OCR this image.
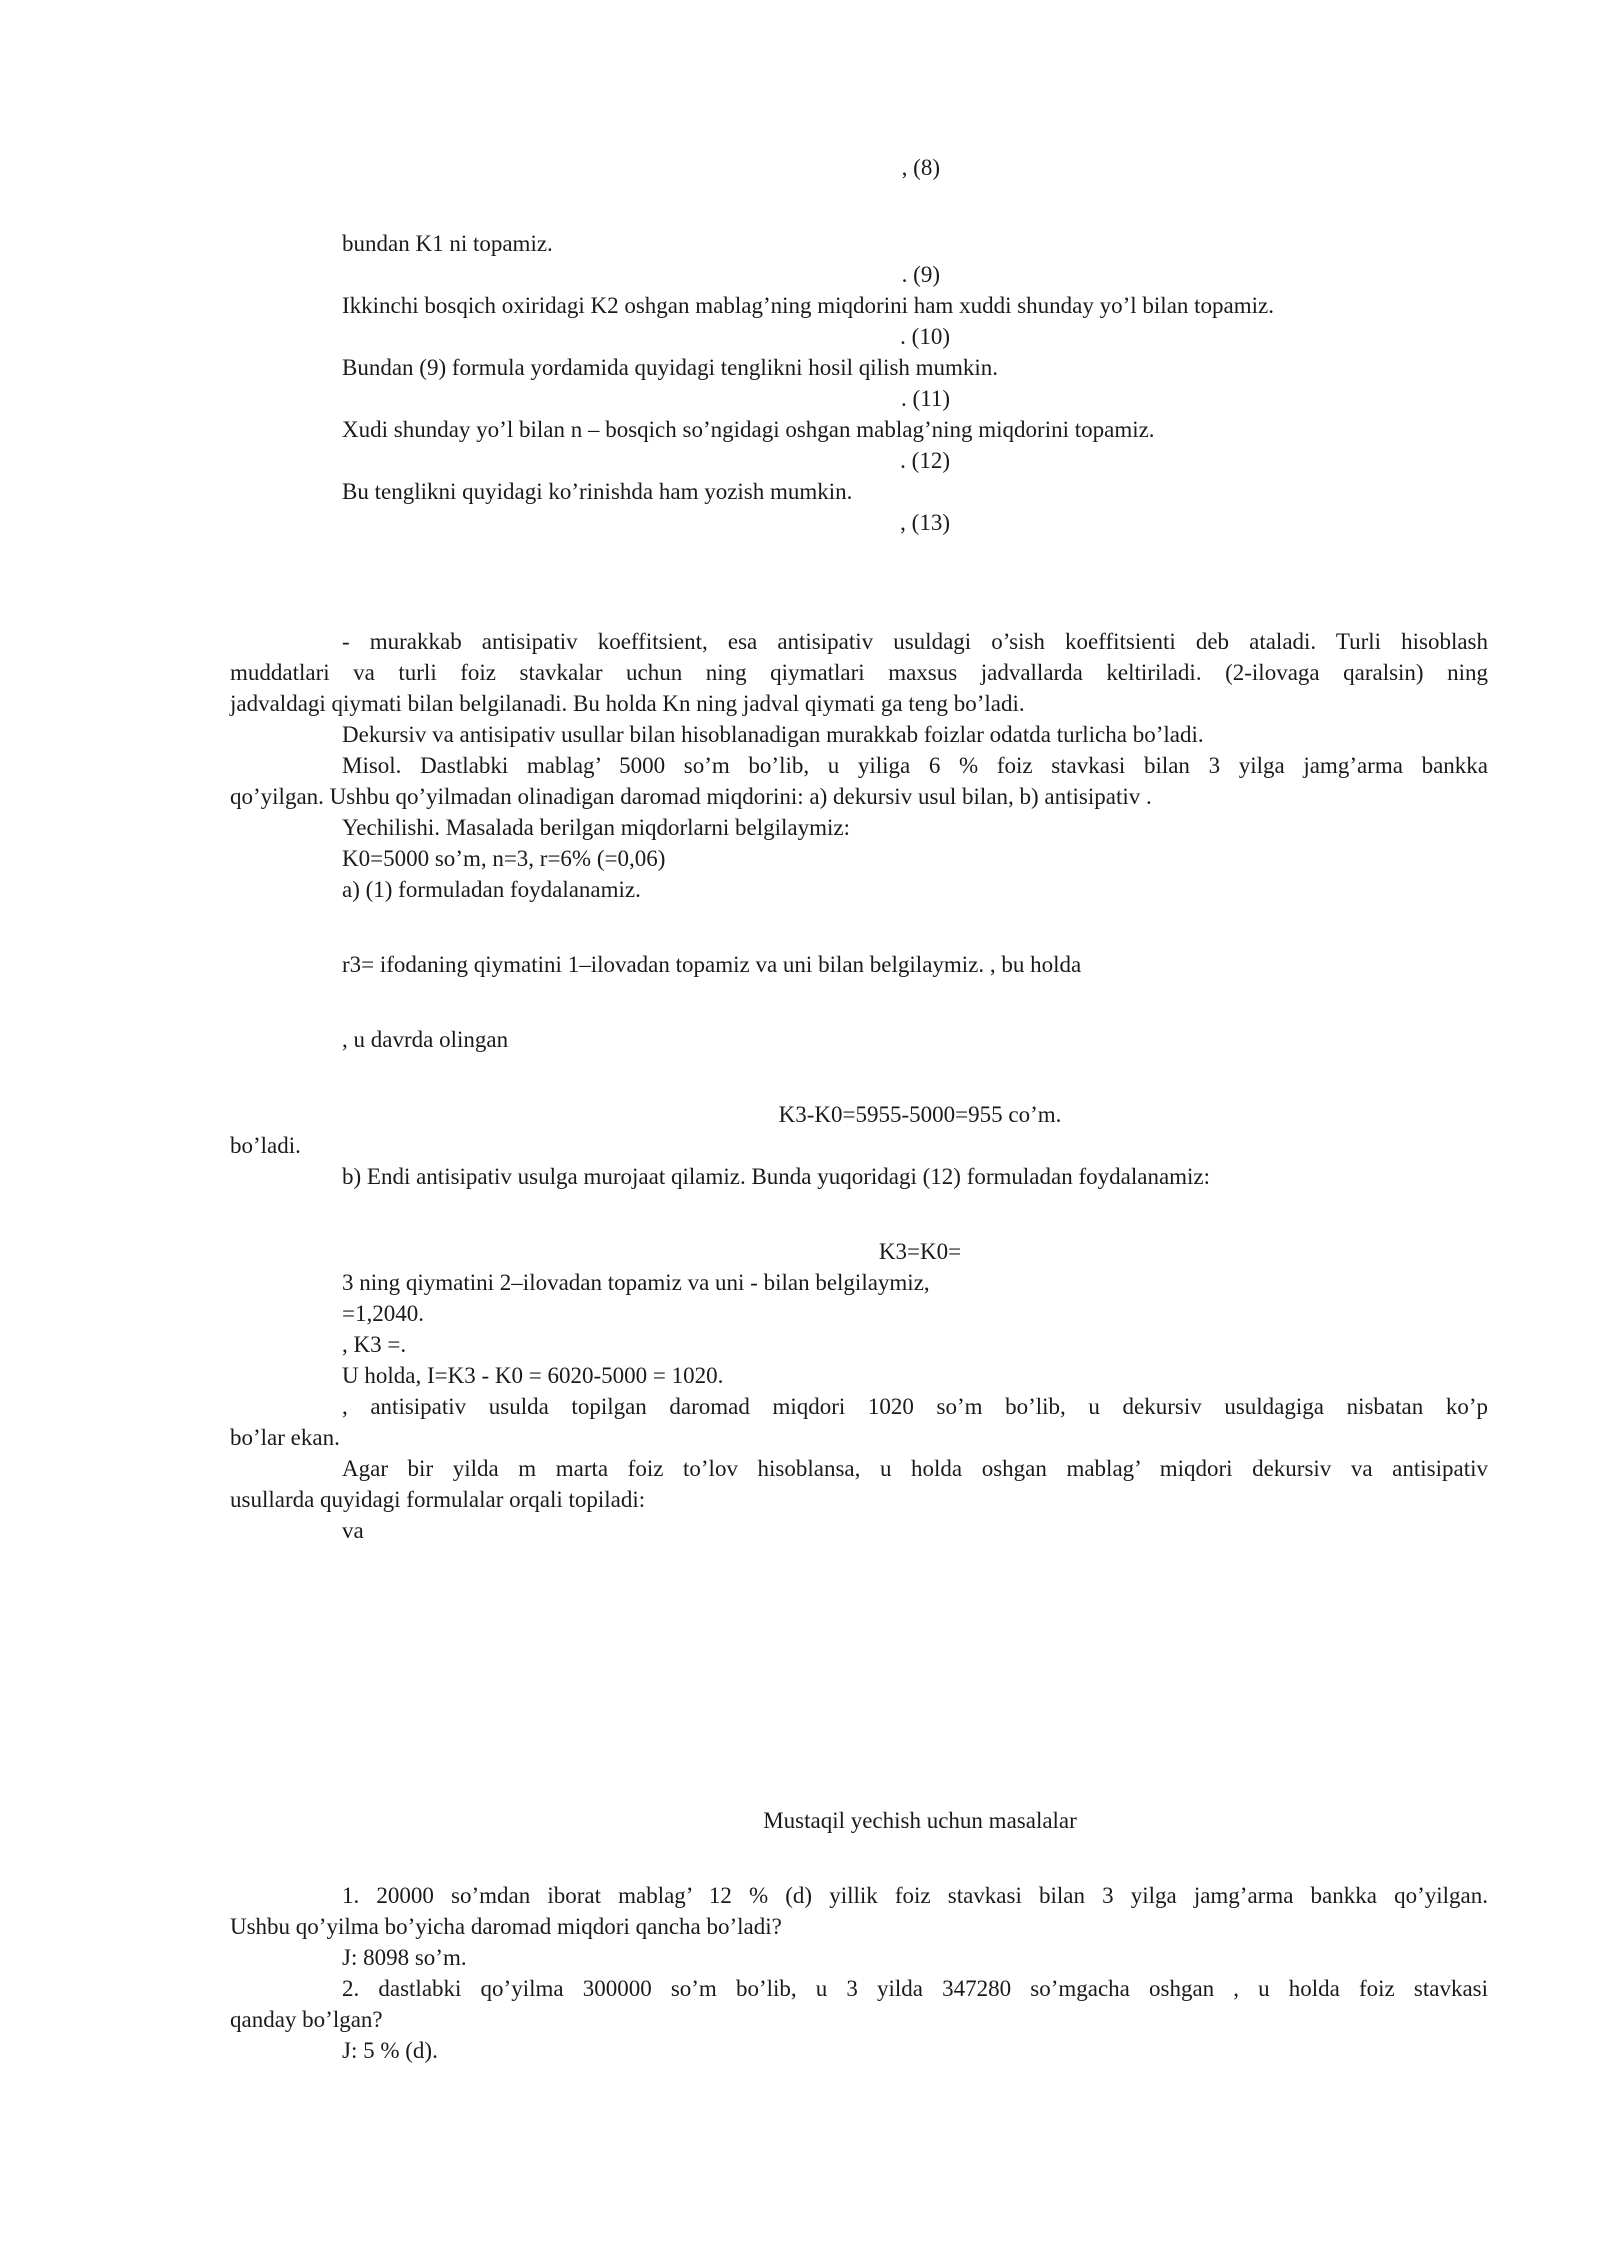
, (8)
bundan K1 ni topamiz.
. (9)
Ikkinchi bosqich oxiridagi K2 oshgan mablag’ning miqdorini ham xuddi shunday yo’l bilan topamiz.
. (10)
Bundan (9) formula yordamida quyidagi tenglikni hosil qilish mumkin.
. (11)
Xudi shunday yo’l bilan n – bosqich so’ngidagi oshgan mablag’ning miqdorini topamiz.
. (12)
Bu tenglikni quyidagi ko’rinishda ham yozish mumkin.
, (13)
- murakkab antisipativ koeffitsient, esa antisipativ usuldagi o’sish koeffitsienti deb ataladi. Turli hisoblash
muddatlari va turli foiz stavkalar uchun ning qiymatlari maxsus jadvallarda keltiriladi. (2-ilovaga qaralsin) ning
jadvaldagi qiymati bilan belgilanadi. Bu holda Kn ning jadval qiymati ga teng bo’ladi.
Dekursiv va antisipativ usullar bilan hisoblanadigan murakkab foizlar odatda turlicha bo’ladi.
Misol. Dastlabki mablag’ 5000 so’m bo’lib, u yiliga 6 % foiz stavkasi bilan 3 yilga jamg’arma bankka
qo’yilgan. Ushbu qo’yilmadan olinadigan daromad miqdorini: a) dekursiv usul bilan, b) antisipativ .
Yechilishi. Masalada berilgan miqdorlarni belgilaymiz:
K0=5000 so’m, n=3, r=6% (=0,06)
a) (1) formuladan foydalanamiz.
r3= ifodaning qiymatini 1–ilovadan topamiz va uni bilan belgilaymiz. , bu holda
, u davrda olingan
K3-K0=5955-5000=955 co’m.
bo’ladi.
b) Endi antisipativ usulga murojaat qilamiz. Bunda yuqoridagi (12) formuladan foydalanamiz:
K3=K0=
3 ning qiymatini 2–ilovadan topamiz va uni - bilan belgilaymiz,
=1,2040.
, K3 =.
U holda, I=K3 - K0 = 6020-5000 = 1020.
, antisipativ usulda topilgan daromad miqdori 1020 so’m bo’lib, u dekursiv usuldagiga nisbatan ko’p
bo’lar ekan.
Agar bir yilda m marta foiz to’lov hisoblansa, u holda oshgan mablag’ miqdori dekursiv va antisipativ
usullarda quyidagi formulalar orqali topiladi:
va
Mustaqil yechish uchun masalalar
1. 20000 so’mdan iborat mablag’ 12 % (d) yillik foiz stavkasi bilan 3 yilga jamg’arma bankka qo’yilgan.
Ushbu qo’yilma bo’yicha daromad miqdori qancha bo’ladi?
J: 8098 so’m.
2. dastlabki qo’yilma 300000 so’m bo’lib, u 3 yilda 347280 so’mgacha oshgan , u holda foiz stavkasi
qanday bo’lgan?
J: 5 % (d).
